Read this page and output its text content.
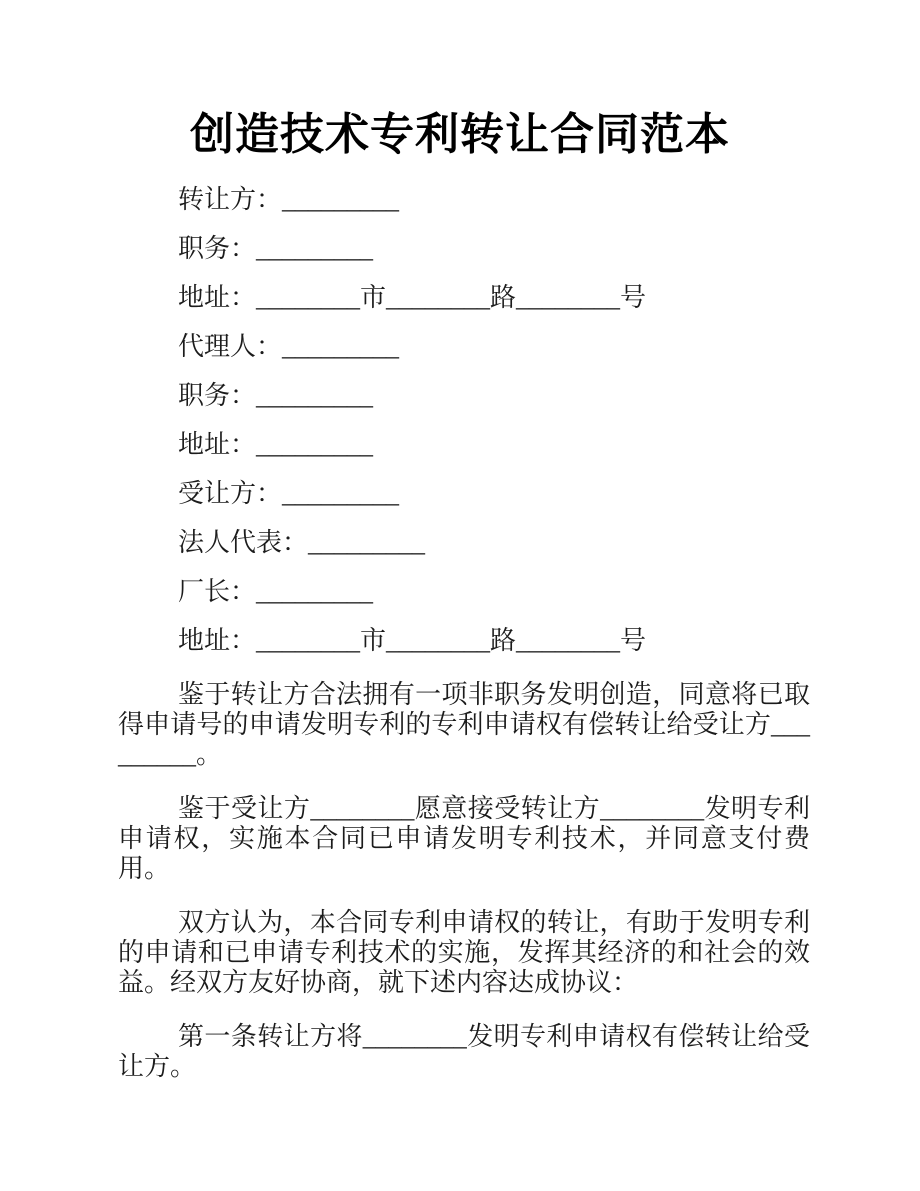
创造技术专利转让合同范本

转让方：_________

职务：_________

地址：________市________路________号

代理人：_________

职务：_________

地址：_________

受让方：_________

法人代表：_________

厂长：_________

地址：________市________路________号

鉴于转让方合法拥有一项非职务发明创造，同意将已取得申请号的申请发明专利的专利申请权有偿转让给受让方_________。

鉴于受让方________愿意接受转让方________发明专利申请权，实施本合同已申请发明专利技术，并同意支付费用。

双方认为，本合同专利申请权的转让，有助于发明专利的申请和已申请专利技术的实施，发挥其经济的和社会的效益。经双方友好协商，就下述内容达成协议：

第一条转让方将________发明专利申请权有偿转让给受让方。
